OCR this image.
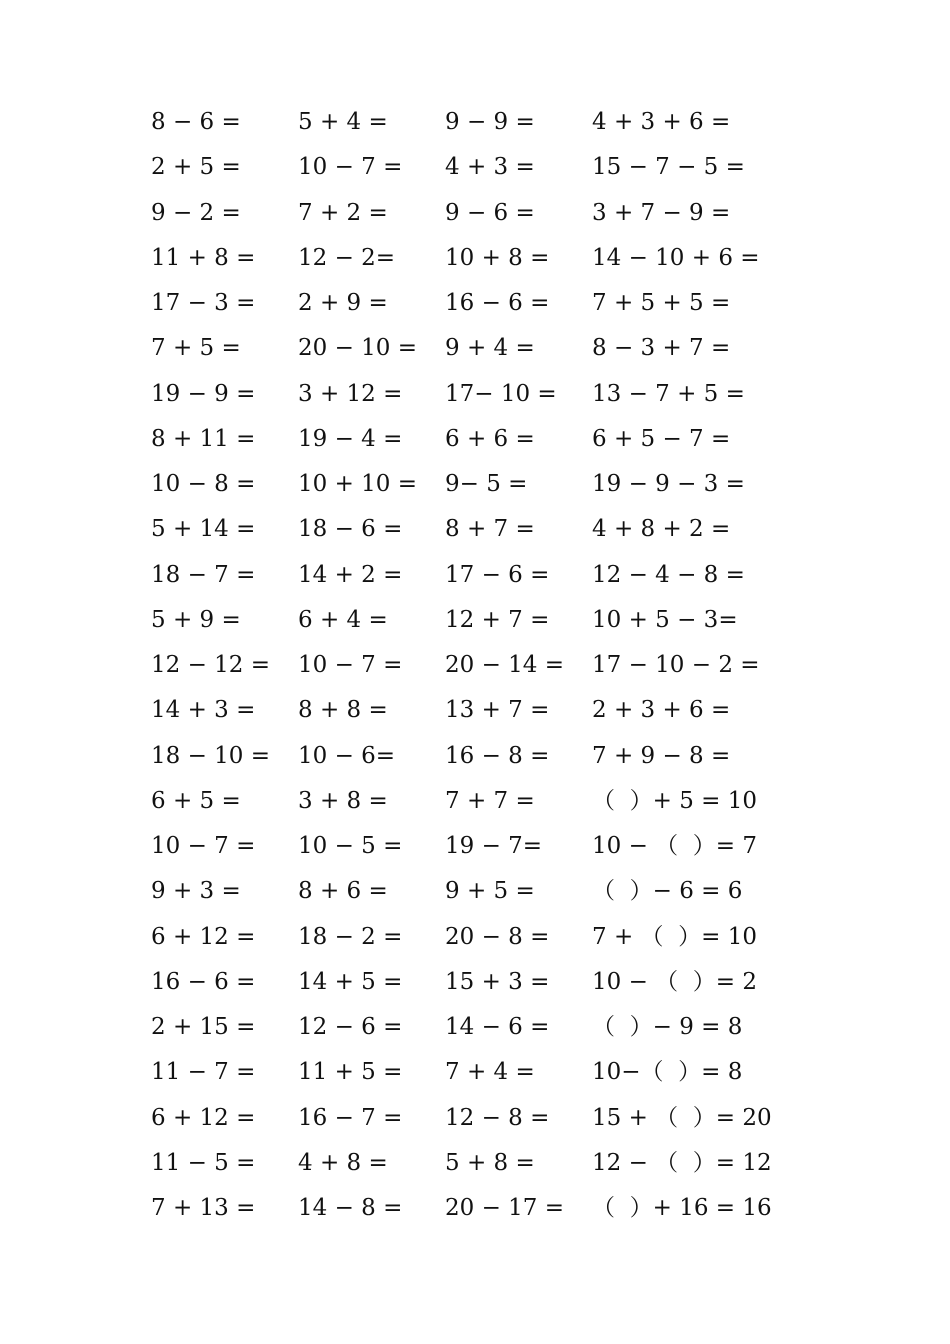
8 − 6 =	5 + 4 =	9 − 9 =	4 + 3 + 6 =
2 + 5 =	10 − 7 =	4 + 3 =	15 − 7 − 5 =
9 − 2 =	7 + 2 =	9 − 6 =	3 + 7 − 9 =
11 + 8 =	12 − 2=	10 + 8 =	14 − 10 + 6 =
17 − 3 =	2 + 9 =	16 − 6 =	7 + 5 + 5 =
7 + 5 =	20 − 10 =	9 + 4 =	8 − 3 + 7 =
19 − 9 =	3 + 12 =	17− 10 =	13 − 7 + 5 =
8 + 11 =	19 − 4 =	6 + 6 =	6 + 5 − 7 =
10 − 8 =	10 + 10 =	9− 5 =	19 − 9 − 3 =
5 + 14 =	18 − 6 =	8 + 7 =	4 + 8 + 2 =
18 − 7 =	14 + 2 =	17 − 6 =	12 − 4 − 8 =
5 + 9 =	6 + 4 =	12 + 7 =	10 + 5 − 3=
12 − 12 =	10 − 7 =	20 − 14 =	17 − 10 − 2 =
14 + 3 =	8 + 8 =	13 + 7 =	2 + 3 + 6 =
18 − 10 =	10 − 6=	16 − 8 =	7 + 9 − 8 =
6 + 5 =	3 + 8 =	7 + 7 =	（  ）+ 5 = 10
10 − 7 =	10 − 5 =	19 − 7=	10 − （  ）= 7
9 + 3 =	8 + 6 =	9 + 5 =	（  ）− 6 = 6
6 + 12 =	18 − 2 =	20 − 8 =	7 + （  ）= 10
16 − 6 =	14 + 5 =	15 + 3 =	10 − （  ）= 2
2 + 15 =	12 − 6 =	14 − 6 =	（  ）− 9 = 8
11 − 7 =	11 + 5 =	7 + 4 =	10−（  ）= 8
6 + 12 =	16 − 7 =	12 − 8 =	15 + （  ）= 20
11 − 5 =	4 + 8 =	5 + 8 =	12 − （  ）= 12
7 + 13 =	14 − 8 =	20 − 17 =	（  ）+ 16 = 16
